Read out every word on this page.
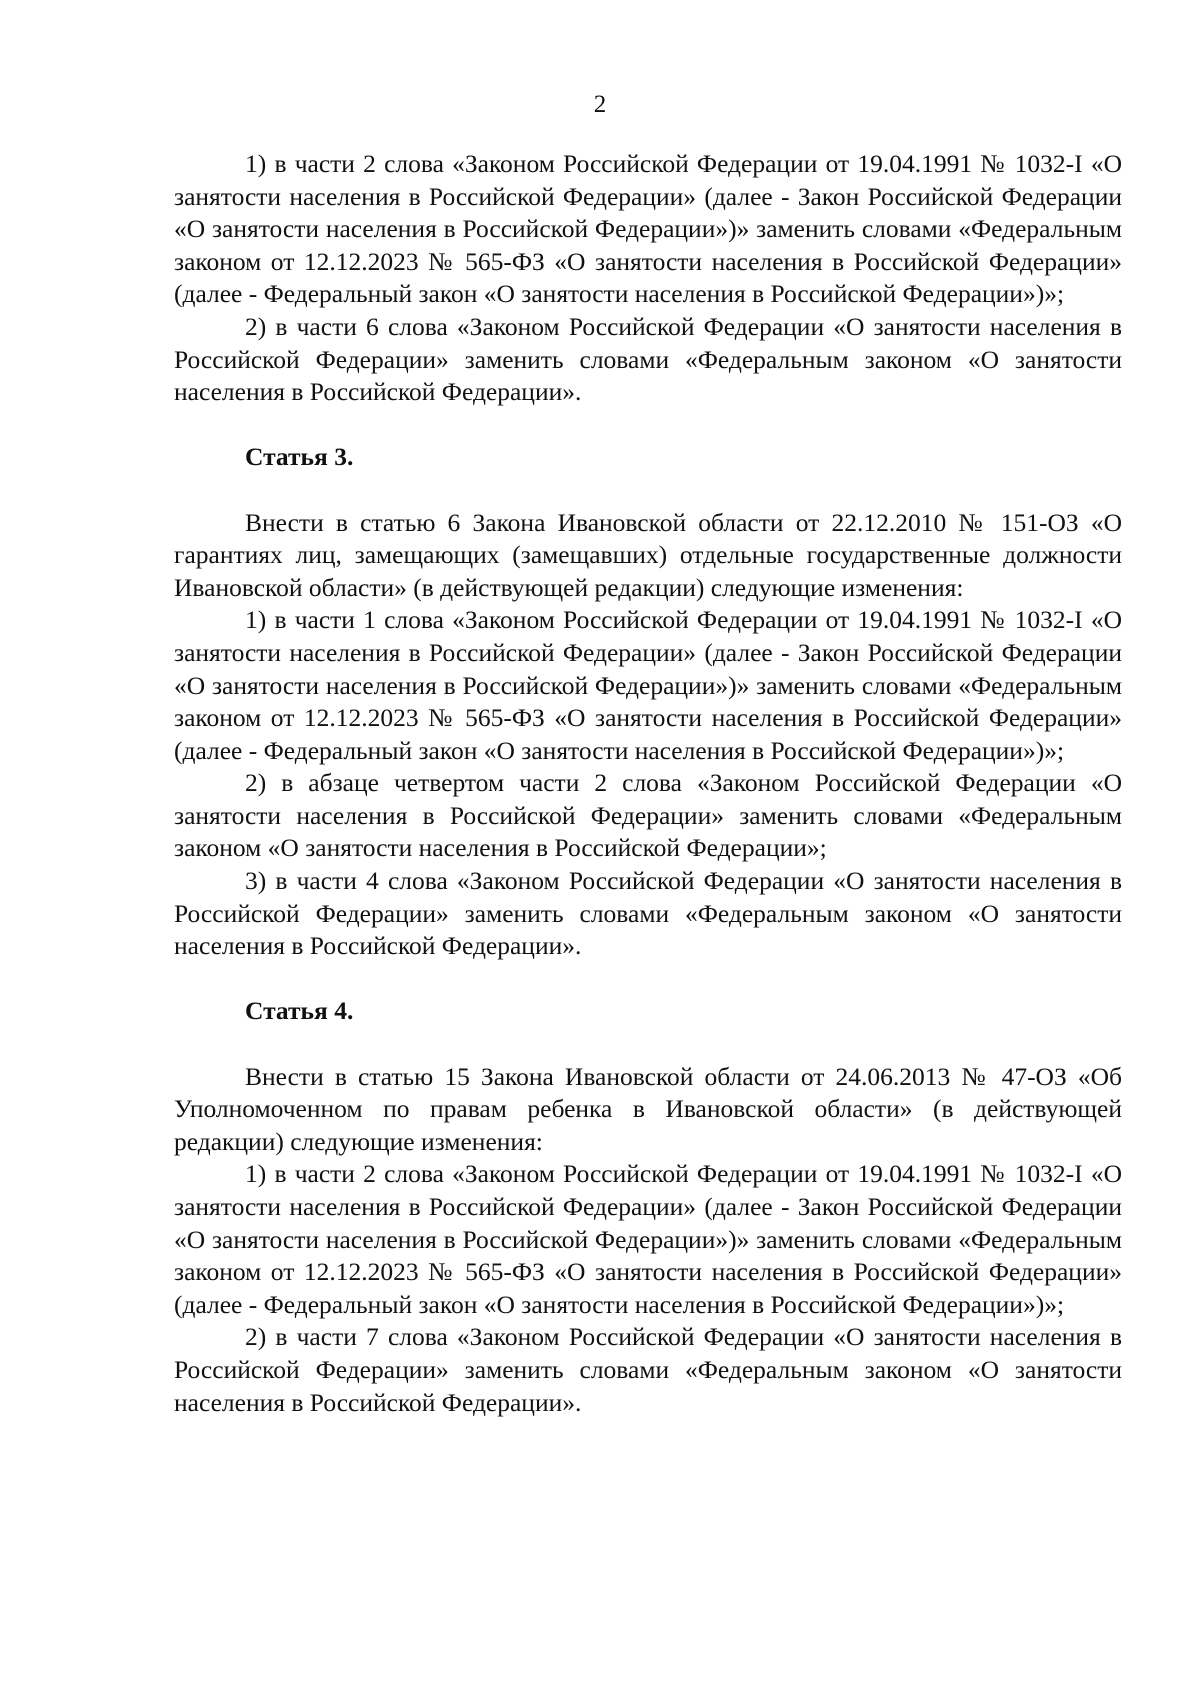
2

1) в части 2 слова «Законом Российской Федерации от 19.04.1991 № 1032-I «О занятости населения в Российской Федерации» (далее - Закон Российской Федерации «О занятости населения в Российской Федерации»)» заменить словами «Федеральным законом от 12.12.2023 № 565-ФЗ «О занятости населения в Российской Федерации» (далее - Федеральный закон «О занятости населения в Российской Федерации»)»;

2) в части 6 слова «Законом Российской Федерации «О занятости населения в Российской Федерации» заменить словами «Федеральным законом «О занятости населения в Российской Федерации».

Статья 3.

Внести в статью 6 Закона Ивановской области от 22.12.2010 № 151-ОЗ «О гарантиях лиц, замещающих (замещавших) отдельные государственные должности Ивановской области» (в действующей редакции) следующие изменения:

1) в части 1 слова «Законом Российской Федерации от 19.04.1991 № 1032-I «О занятости населения в Российской Федерации» (далее - Закон Российской Федерации «О занятости населения в Российской Федерации»)» заменить словами «Федеральным законом от 12.12.2023 № 565-ФЗ «О занятости населения в Российской Федерации» (далее - Федеральный закон «О занятости населения в Российской Федерации»)»;

2) в абзаце четвертом части 2 слова «Законом Российской Федерации «О занятости населения в Российской Федерации» заменить словами «Федеральным законом «О занятости населения в Российской Федерации»;

3) в части 4 слова «Законом Российской Федерации «О занятости населения в Российской Федерации» заменить словами «Федеральным законом «О занятости населения в Российской Федерации».

Статья 4.

Внести в статью 15 Закона Ивановской области от 24.06.2013 № 47-ОЗ «Об Уполномоченном по правам ребенка в Ивановской области» (в действующей редакции) следующие изменения:

1) в части 2 слова «Законом Российской Федерации от 19.04.1991 № 1032-I «О занятости населения в Российской Федерации» (далее - Закон Российской Федерации «О занятости населения в Российской Федерации»)» заменить словами «Федеральным законом от 12.12.2023 № 565-ФЗ «О занятости населения в Российской Федерации» (далее - Федеральный закон «О занятости населения в Российской Федерации»)»;

2) в части 7 слова «Законом Российской Федерации «О занятости населения в Российской Федерации» заменить словами «Федеральным законом «О занятости населения в Российской Федерации».
